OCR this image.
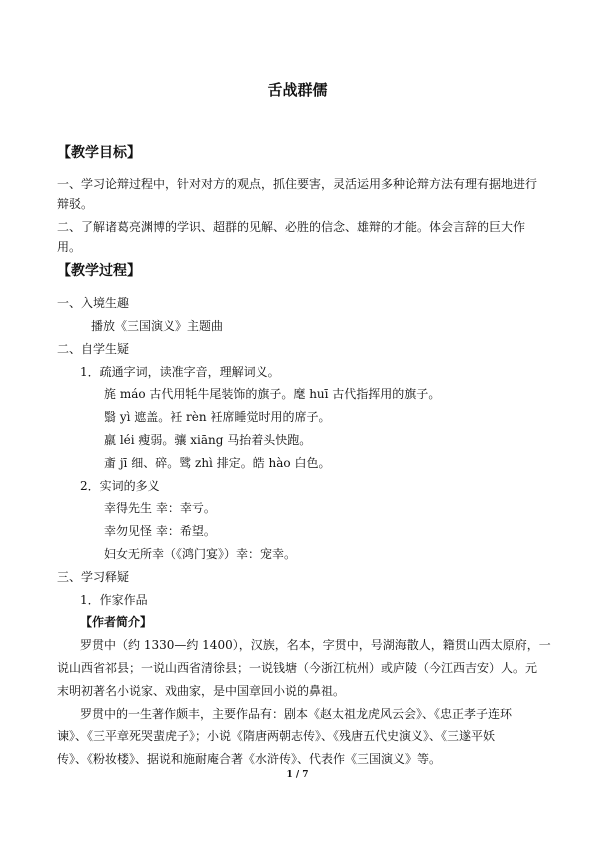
舌战群儒
【教学目标】
一、学习论辩过程中，针对对方的观点，抓住要害，灵活运用多种论辩方法有理有据地进行
辩驳。
二、了解诸葛亮渊博的学识、超群的见解、必胜的信念、雄辩的才能。体会言辞的巨大作
用。
【教学过程】
一、入境生趣
播放《三国演义》主题曲
二、自学生疑
1．疏通字词，读准字音，理解词义。
旄 máo 古代用牦牛尾装饰的旗子。麾 huī 古代指挥用的旗子。
翳 yì 遮盖。衽 rèn 衽席睡觉时用的席子。
羸 léi 瘦弱。骧 xiāng 马抬着头快跑。
齑 jī 细、碎。骘 zhì 排定。皓 hào 白色。
2．实词的多义
幸得先生 幸：幸亏。
幸勿见怪 幸：希望。
妇女无所幸（《鸿门宴》）幸：宠幸。
三、学习释疑
1．作家作品
【作者简介】
罗贯中（约 1330—约 1400），汉族，名本，字贯中，号湖海散人，籍贯山西太原府，一
说山西省祁县；一说山西省清徐县；一说钱塘（今浙江杭州）或庐陵（今江西吉安）人。元
末明初著名小说家、戏曲家，是中国章回小说的鼻祖。
罗贯中的一生著作颇丰，主要作品有：剧本《赵太祖龙虎风云会》、《忠正孝子连环
谏》、《三平章死哭蜚虎子》；小说《隋唐两朝志传》、《残唐五代史演义》、《三遂平妖
传》、《粉妆楼》、据说和施耐庵合著《水浒传》、代表作《三国演义》等。
1 / 7
